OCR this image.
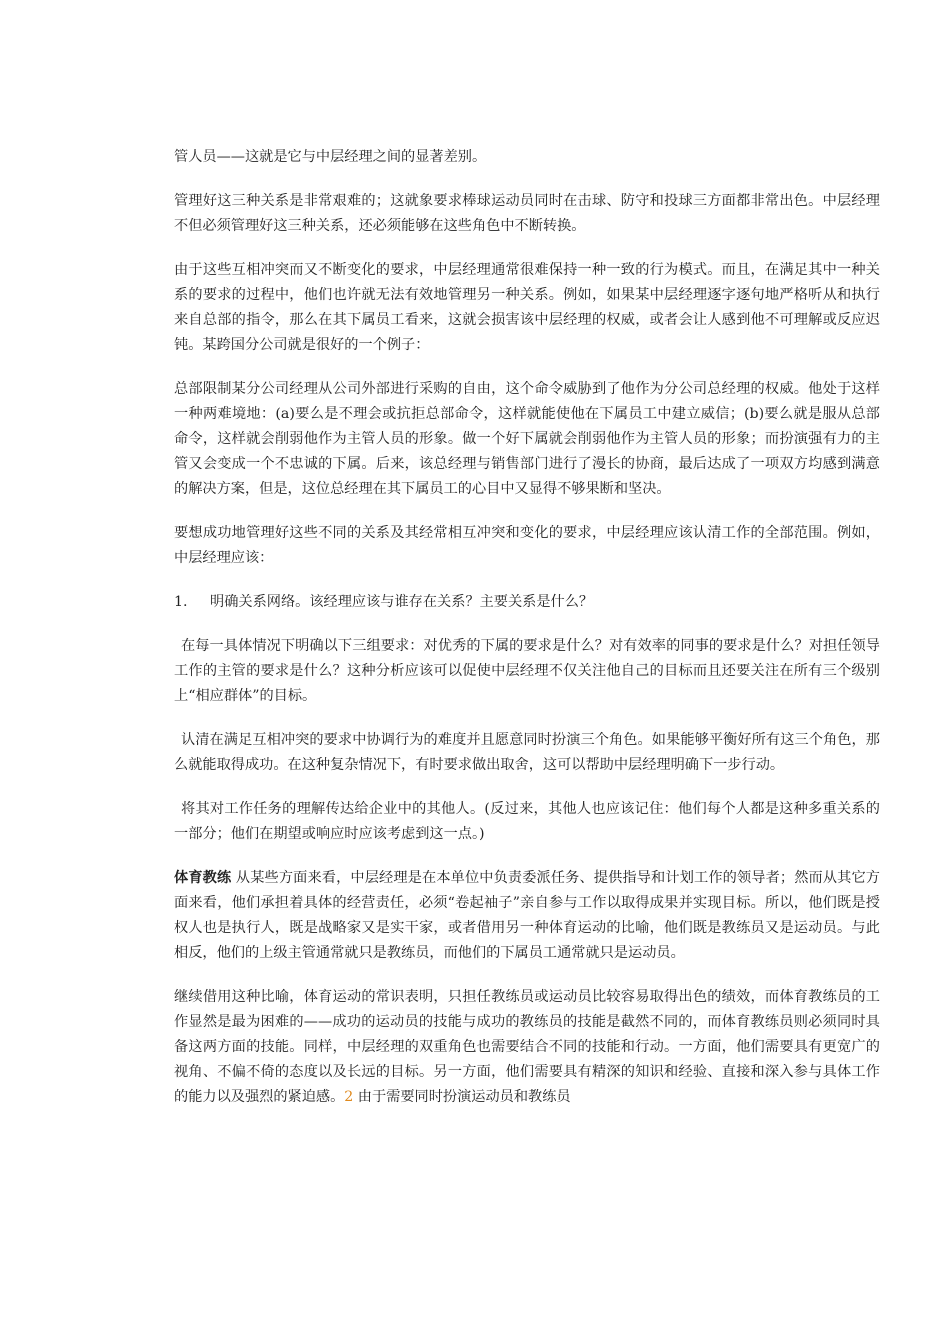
管人员——这就是它与中层经理之间的显著差别。

管理好这三种关系是非常艰难的；这就象要求棒球运动员同时在击球、防守和投球三方面都非常出色。中层经理不但必须管理好这三种关系，还必须能够在这些角色中不断转换。

由于这些互相冲突而又不断变化的要求，中层经理通常很难保持一种一致的行为模式。而且，在满足其中一种关系的要求的过程中，他们也许就无法有效地管理另一种关系。例如，如果某中层经理逐字逐句地严格听从和执行来自总部的指令，那么在其下属员工看来，这就会损害该中层经理的权威，或者会让人感到他不可理解或反应迟钝。某跨国分公司就是很好的一个例子：

总部限制某分公司经理从公司外部进行采购的自由，这个命令威胁到了他作为分公司总经理的权威。他处于这样一种两难境地：(a)要么是不理会或抗拒总部命令，这样就能使他在下属员工中建立威信；(b)要么就是服从总部命令，这样就会削弱他作为主管人员的形象。做一个好下属就会削弱他作为主管人员的形象；而扮演强有力的主管又会变成一个不忠诚的下属。后来，该总经理与销售部门进行了漫长的协商，最后达成了一项双方均感到满意的解决方案，但是，这位总经理在其下属员工的心目中又显得不够果断和坚决。

要想成功地管理好这些不同的关系及其经常相互冲突和变化的要求，中层经理应该认清工作的全部范围。例如，中层经理应该：

1.	明确关系网络。该经理应该与谁存在关系？主要关系是什么？

在每一具体情况下明确以下三组要求：对优秀的下属的要求是什么？对有效率的同事的要求是什么？对担任领导工作的主管的要求是什么？这种分析应该可以促使中层经理不仅关注他自己的目标而且还要关注在所有三个级别上“相应群体”的目标。

认清在满足互相冲突的要求中协调行为的难度并且愿意同时扮演三个角色。如果能够平衡好所有这三个角色，那么就能取得成功。在这种复杂情况下，有时要求做出取舍，这可以帮助中层经理明确下一步行动。

将其对工作任务的理解传达给企业中的其他人。(反过来，其他人也应该记住：他们每个人都是这种多重关系的一部分；他们在期望或响应时应该考虑到这一点。)

体育教练 从某些方面来看，中层经理是在本单位中负责委派任务、提供指导和计划工作的领导者；然而从其它方面来看，他们承担着具体的经营责任，必须“卷起袖子”亲自参与工作以取得成果并实现目标。所以，他们既是授权人也是执行人，既是战略家又是实干家，或者借用另一种体育运动的比喻，他们既是教练员又是运动员。与此相反，他们的上级主管通常就只是教练员，而他们的下属员工通常就只是运动员。

继续借用这种比喻，体育运动的常识表明，只担任教练员或运动员比较容易取得出色的绩效，而体育教练员的工作显然是最为困难的——成功的运动员的技能与成功的教练员的技能是截然不同的，而体育教练员则必须同时具备这两方面的技能。同样，中层经理的双重角色也需要结合不同的技能和行动。一方面，他们需要具有更宽广的视角、不偏不倚的态度以及长远的目标。另一方面，他们需要具有精深的知识和经验、直接和深入参与具体工作的能力以及强烈的紧迫感。2 由于需要同时扮演运动员和教练员
